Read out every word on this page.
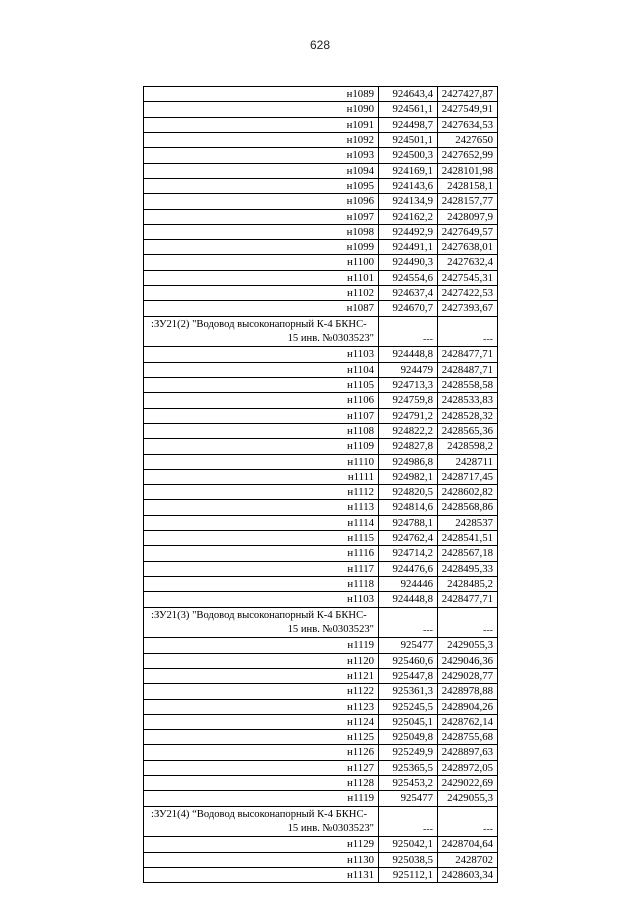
628
н1089	924643,4 2427427,87
н1090	924561,1 2427549,91
н1091	924498,7 2427634,53
н1092	924501,1	2427650
н1093	924500,3 2427652,99
н1094	924169,1 2428101,98
н1095	924143,6	2428158,1
н1096	924134,9 2428157,77
н1097	924162,2	2428097,9
н1098	924492,9 2427649,57
н1099	924491,1 2427638,01
н1100	924490,3	2427632,4
н1101	924554,6 2427545,31
н1102	924637,4 2427422,53
н1087	924670,7 2427393,67
:ЗУ21(2) "Водовод высоконапорный К-4 БКНС-
15 инв. №0303523"	---	---
н1103	924448,8 2428477,71
н1104	924479 2428487,71
н1105	924713,3 2428558,58
н1106	924759,8 2428533,83
н1107	924791,2 2428528,32
н1108	924822,2 2428565,36
н1109	924827,8	2428598,2
н1110	924986,8	2428711
н1111	924982,1 2428717,45
н1112	924820,5 2428602,82
н1113	924814,6 2428568,86
н1114	924788,1	2428537
н1115	924762,4 2428541,51
н1116	924714,2 2428567,18
н1117	924476,6 2428495,33
н1118	924446	2428485,2
н1103	924448,8 2428477,71
:ЗУ21(3) "Водовод высоконапорный К-4 БКНС-
15 инв. №0303523"	---	---
н1119	925477	2429055,3
н1120	925460,6 2429046,36
н1121	925447,8 2429028,77
н1122	925361,3 2428978,88
н1123	925245,5 2428904,26
н1124	925045,1 2428762,14
н1125	925049,8 2428755,68
н1126	925249,9 2428897,63
н1127	925365,5 2428972,05
н1128	925453,2 2429022,69
н1119	925477	2429055,3
:ЗУ21(4) “Водовод высоконапорный К-4 БКНС-
15 инв. №0303523"	---	---
н1129	925042,1 2428704,64
н1130	925038,5	2428702
н1131	925112,1 2428603,34
